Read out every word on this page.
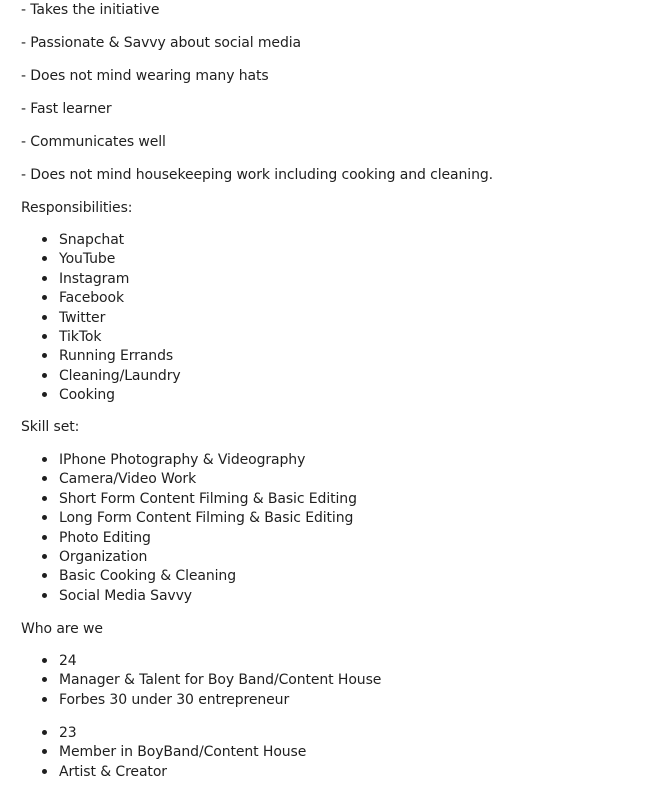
- Takes the initiative
- Passionate & Savvy about social media
- Does not mind wearing many hats
- Fast learner
- Communicates well
- Does not mind housekeeping work including cooking and cleaning.
Responsibilities:
Snapchat
YouTube
Instagram
Facebook
Twitter
TikTok
Running Errands
Cleaning/Laundry
Cooking
Skill set:
IPhone Photography & Videography
Camera/Video Work
Short Form Content Filming & Basic Editing
Long Form Content Filming & Basic Editing
Photo Editing
Organization
Basic Cooking & Cleaning
Social Media Savvy
Who are we
24
Manager & Talent for Boy Band/Content House
Forbes 30 under 30 entrepreneur
23
Member in BoyBand/Content House
Artist & Creator
